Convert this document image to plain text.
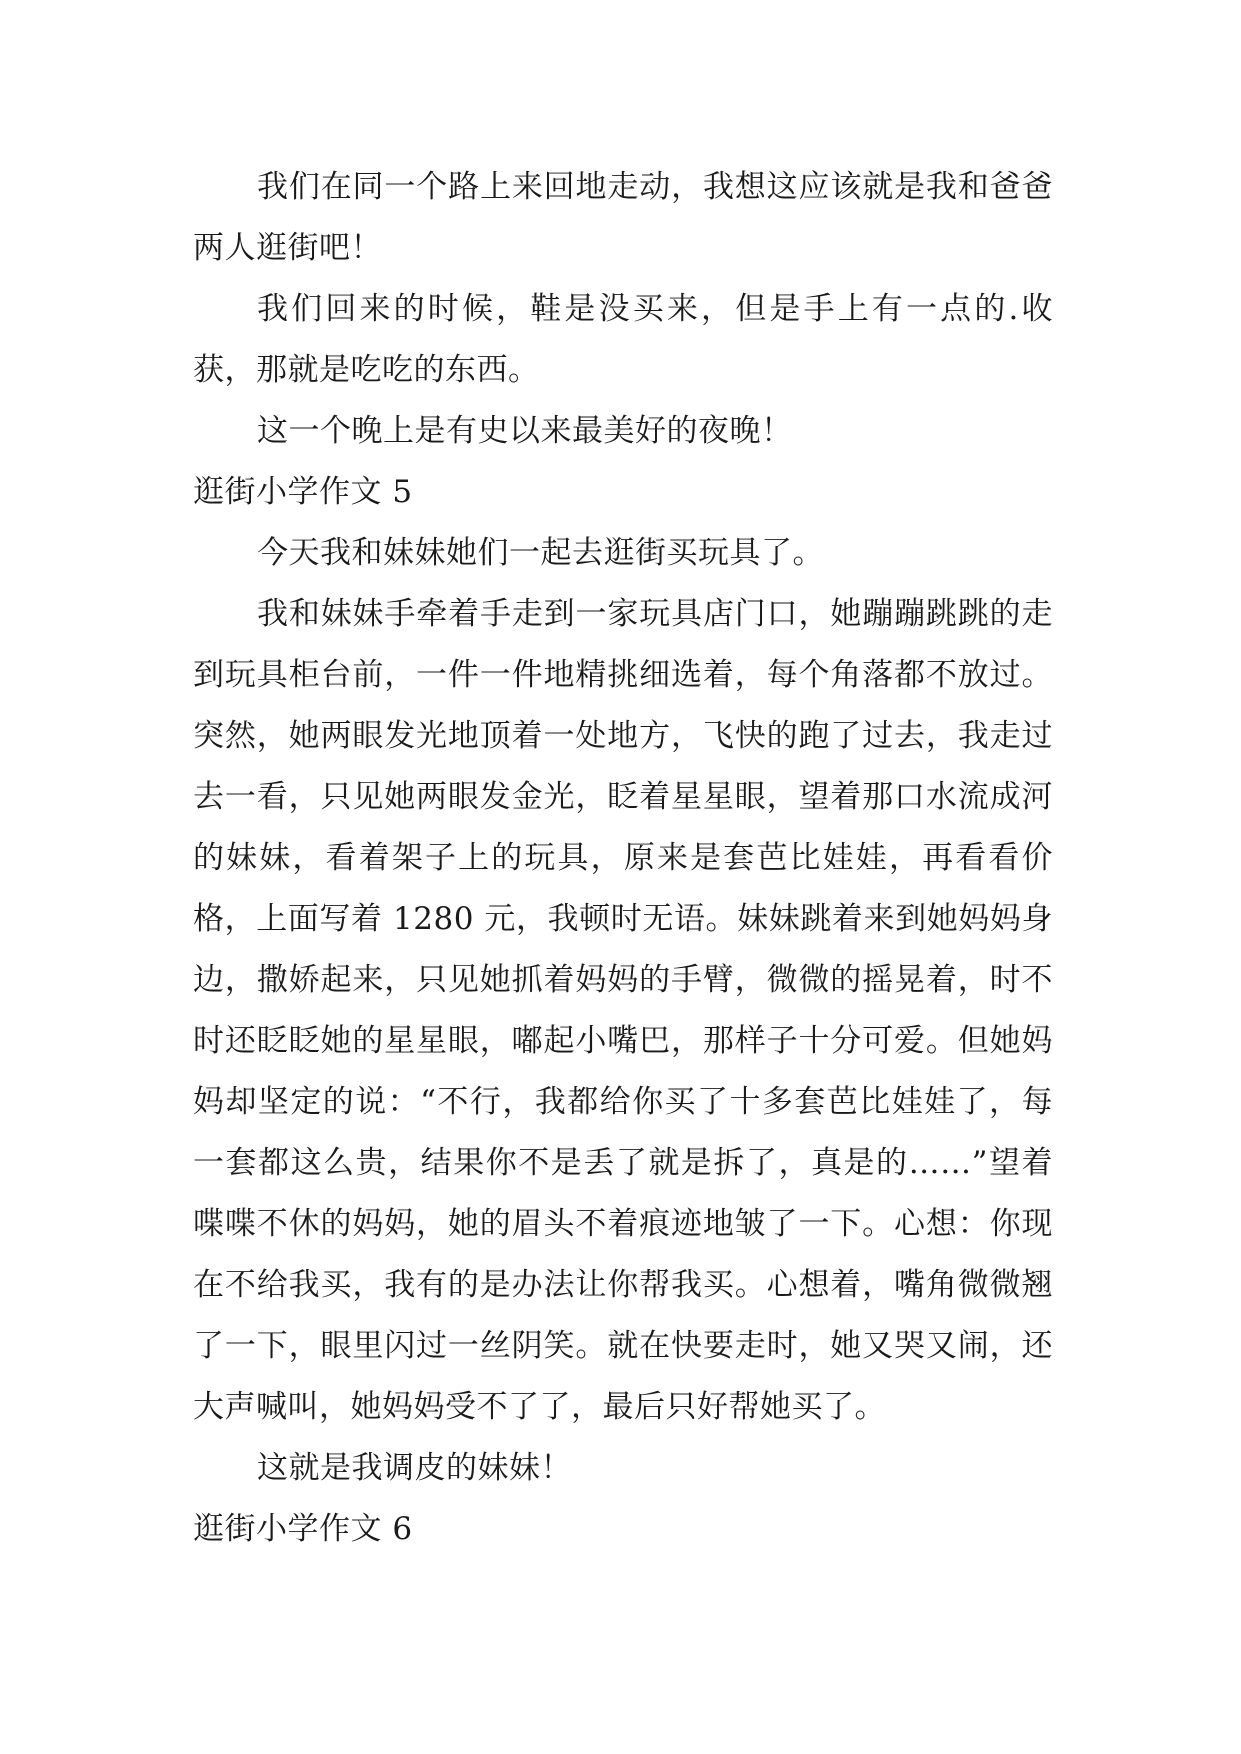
我们在同一个路上来回地走动，我想这应该就是我和爸爸两人逛街吧！

我们回来的时候，鞋是没买来，但是手上有一点的.收获，那就是吃吃的东西。

这一个晚上是有史以来最美好的夜晚！

逛街小学作文 5

今天我和妹妹她们一起去逛街买玩具了。

我和妹妹手牵着手走到一家玩具店门口，她蹦蹦跳跳的走到玩具柜台前，一件一件地精挑细选着，每个角落都不放过。突然，她两眼发光地顶着一处地方，飞快的跑了过去，我走过去一看，只见她两眼发金光，眨着星星眼，望着那口水流成河的妹妹，看着架子上的玩具，原来是套芭比娃娃，再看看价格，上面写着 1280 元，我顿时无语。妹妹跳着来到她妈妈身边，撒娇起来，只见她抓着妈妈的手臂，微微的摇晃着，时不时还眨眨她的星星眼，嘟起小嘴巴，那样子十分可爱。但她妈妈却坚定的说：“不行，我都给你买了十多套芭比娃娃了，每一套都这么贵，结果你不是丢了就是拆了，真是的……”望着喋喋不休的妈妈，她的眉头不着痕迹地皱了一下。心想：你现在不给我买，我有的是办法让你帮我买。心想着，嘴角微微翘了一下，眼里闪过一丝阴笑。就在快要走时，她又哭又闹，还大声喊叫，她妈妈受不了了，最后只好帮她买了。

这就是我调皮的妹妹！

逛街小学作文 6
